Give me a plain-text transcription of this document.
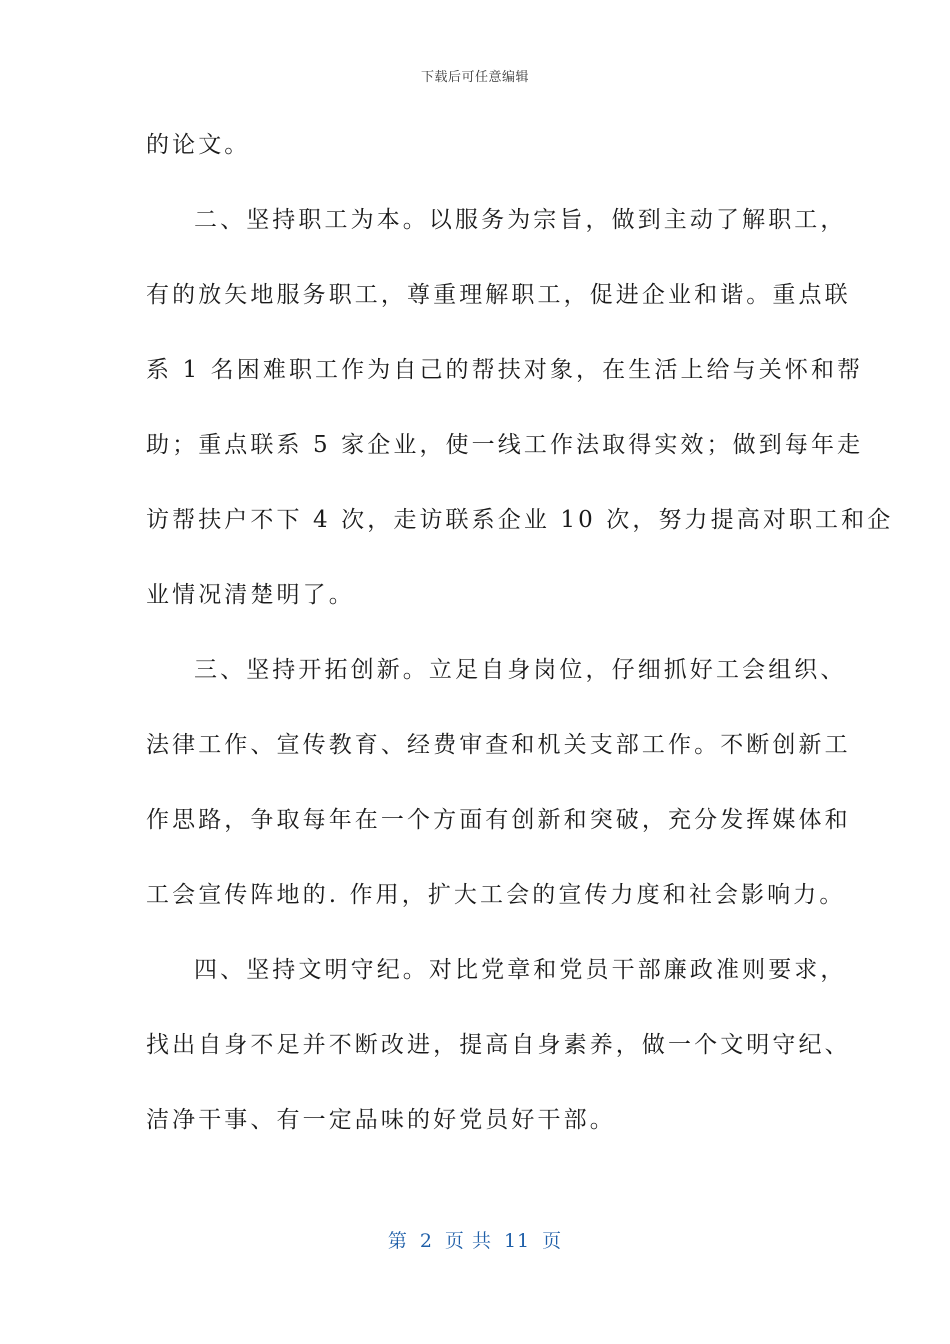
下载后可任意编辑
的论文。
二、坚持职工为本。以服务为宗旨，做到主动了解职工，
有的放矢地服务职工，尊重理解职工，促进企业和谐。重点联
系 1 名困难职工作为自己的帮扶对象，在生活上给与关怀和帮
助；重点联系 5 家企业，使一线工作法取得实效；做到每年走
访帮扶户不下 4 次，走访联系企业 10 次，努力提高对职工和企
业情况清楚明了。
三、坚持开拓创新。立足自身岗位，仔细抓好工会组织、
法律工作、宣传教育、经费审查和机关支部工作。不断创新工
作思路，争取每年在一个方面有创新和突破，充分发挥媒体和
工会宣传阵地的. 作用，扩大工会的宣传力度和社会影响力。
四、坚持文明守纪。对比党章和党员干部廉政准则要求，
找出自身不足并不断改进，提高自身素养，做一个文明守纪、
洁净干事、有一定品味的好党员好干部。
第 2 页 共 11 页
